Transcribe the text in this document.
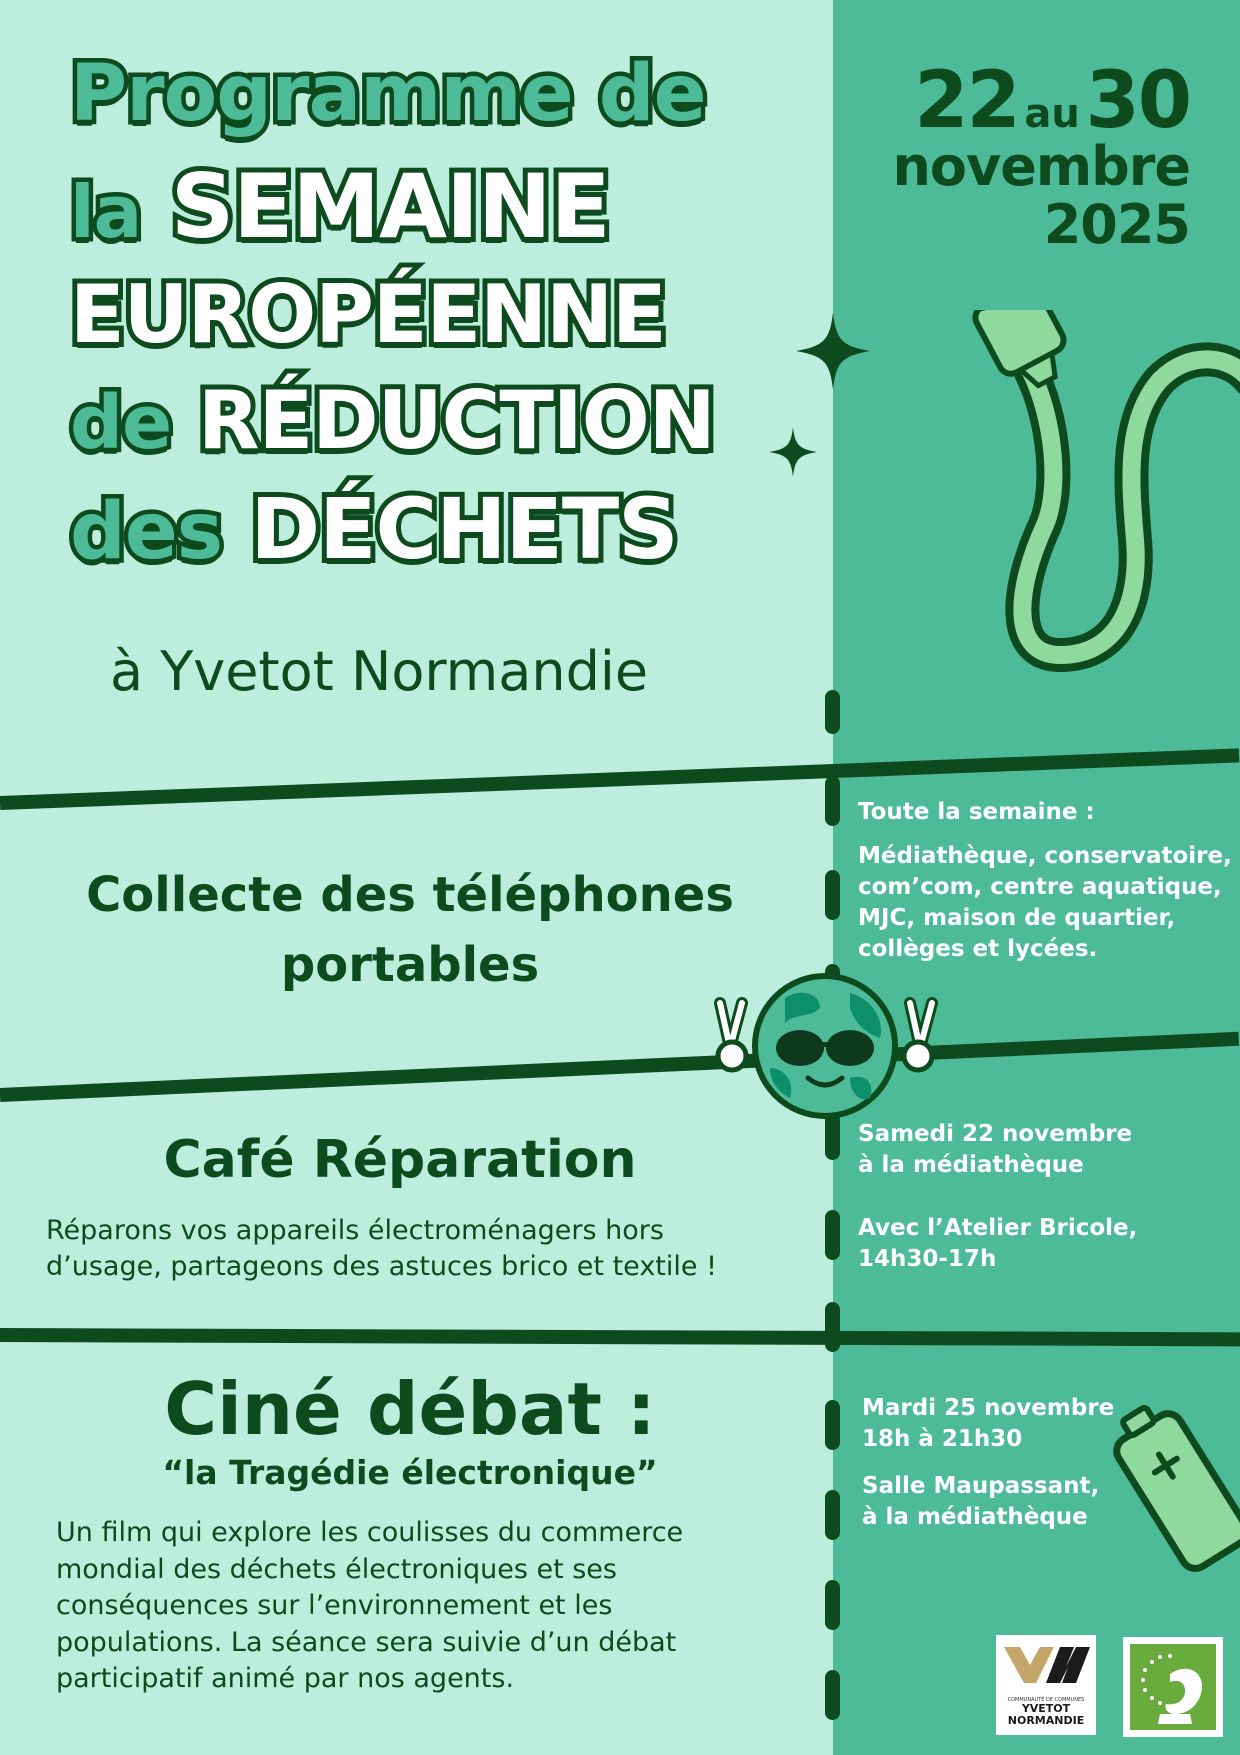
Programme de
la SEMAINE
EUROPÉENNE
de RÉDUCTION
des DÉCHETS
à Yvetot Normandie
22 au 30
novembre
2025
Collecte des téléphones portables
Toute la semaine :
Médiathèque, conservatoire,
com’com, centre aquatique,
MJC, maison de quartier,
collèges et lycées.
Café Réparation
Réparons vos appareils électroménagers hors
d’usage, partageons des astuces brico et textile !
Samedi 22 novembre
à la médiathèque
Avec l’Atelier Bricole,
14h30-17h
Ciné débat :
“la Tragédie électronique”
Un film qui explore les coulisses du commerce
mondial des déchets électroniques et ses
conséquences sur l’environnement et les
populations. La séance sera suivie d’un débat
participatif animé par nos agents.
Mardi 25 novembre
18h à 21h30
Salle Maupassant,
à la médiathèque
COMMUNAUTÉ DE COMMUNES
YVETOT
NORMANDIE
